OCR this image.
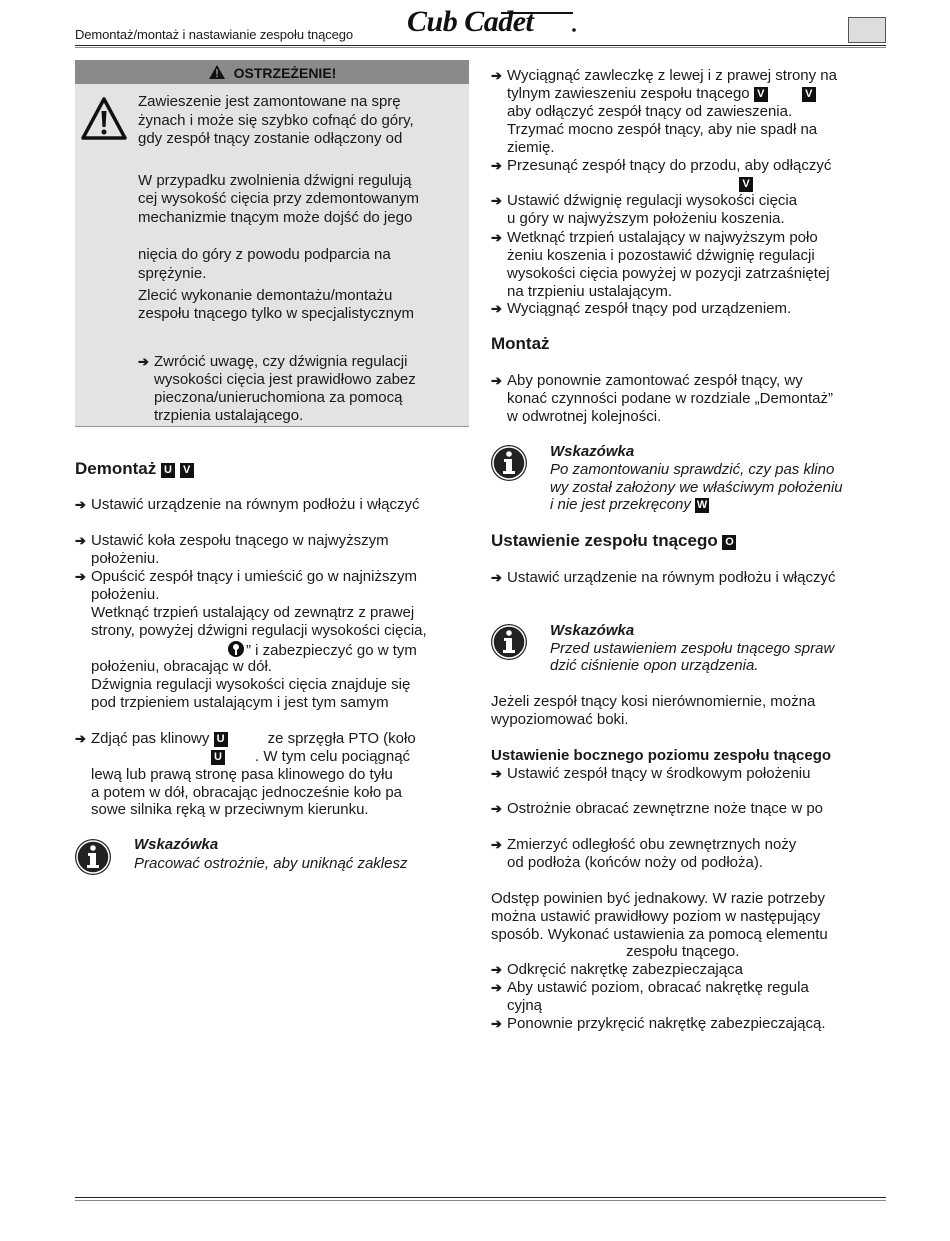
Demontaż/montaż i nastawianie zespołu tnącego Cub Cadet
OSTRZEŻENIE!
Zawieszenie jest zamontowane na sprę
żynach i może się szybko cofnąć do góry,
gdy zespół tnący zostanie odłączony od
W przypadku zwolnienia dźwigni regulują
cej wysokość cięcia przy zdemontowanym
mechanizmie tnącym może dojść do jego
nięcia do góry z powodu podparcia na
sprężynie.
Zlecić wykonanie demontażu/montażu
zespołu tnącego tylko w specjalistycznym
➔ Zwrócić uwagę, czy dźwignia regulacji
wysokości cięcia jest prawidłowo zabez
pieczona/unieruchomiona za pomocą
trzpienia ustalającego.
Demontaż U V
➔ Ustawić urządzenie na równym podłożu i włączyć
➔ Ustawić koła zespołu tnącego w najwyższym
położeniu.
➔ Opuścić zespół tnący i umieścić go w najniższym
położeniu.
Wetknąć trzpień ustalający od zewnątrz z prawej
strony, powyżej dźwigni regulacji wysokości cięcia,
” i zabezpieczyć go w tym
położeniu, obracając w dół.
Dźwignia regulacji wysokości cięcia znajduje się
pod trzpieniem ustalającym i jest tym samym
➔ Zdjąć pas klinowy U	ze sprzęgła PTO (koło
U . W tym celu pociągnąć
lewą lub prawą stronę pasa klinowego do tyłu
a potem w dół, obracając jednocześnie koło pa
sowe silnika ręką w przeciwnym kierunku.
Wskazówka
Pracować ostrożnie, aby uniknąć zaklesz
➔ Wyciągnąć zawleczkę z lewej i z prawej strony na
tylnym zawieszeniu zespołu tnącego V	V
aby odłączyć zespół tnący od zawieszenia.
Trzymać mocno zespół tnący, aby nie spadł na
ziemię.
➔ Przesunąć zespół tnący do przodu, aby odłączyć
V
➔ Ustawić dźwignię regulacji wysokości cięcia
u góry w najwyższym położeniu koszenia.
➔ Wetknąć trzpień ustalający w najwyższym poło
żeniu koszenia i pozostawić dźwignię regulacji
wysokości cięcia powyżej w pozycji zatrzaśniętej
na trzpieniu ustalającym.
➔ Wyciągnąć zespół tnący pod urządzeniem.
Montaż
➔ Aby ponownie zamontować zespół tnący, wy
konać czynności podane w rozdziale „Demontaż”
w odwrotnej kolejności.
Wskazówka
Po zamontowaniu sprawdzić, czy pas klino
wy został założony we właściwym położeniu
i nie jest przekręcony W
Ustawienie zespołu tnącego O
➔ Ustawić urządzenie na równym podłożu i włączyć
Wskazówka
Przed ustawieniem zespołu tnącego spraw
dzić ciśnienie opon urządzenia.
Jeżeli zespół tnący kosi nierównomiernie, można
wypoziomować boki.
Ustawienie bocznego poziomu zespołu tnącego
➔ Ustawić zespół tnący w środkowym położeniu
➔ Ostrożnie obracać zewnętrzne noże tnące w po
➔ Zmierzyć odległość obu zewnętrznych noży
od podłoża (końców noży od podłoża).
Odstęp powinien być jednakowy. W razie potrzeby
można ustawić prawidłowy poziom w następujący
sposób. Wykonać ustawienia za pomocą elementu
zespołu tnącego.
➔ Odkręcić nakrętkę zabezpieczająca
➔ Aby ustawić poziom, obracać nakrętkę regula
cyjną
➔ Ponownie przykręcić nakrętkę zabezpieczającą.
